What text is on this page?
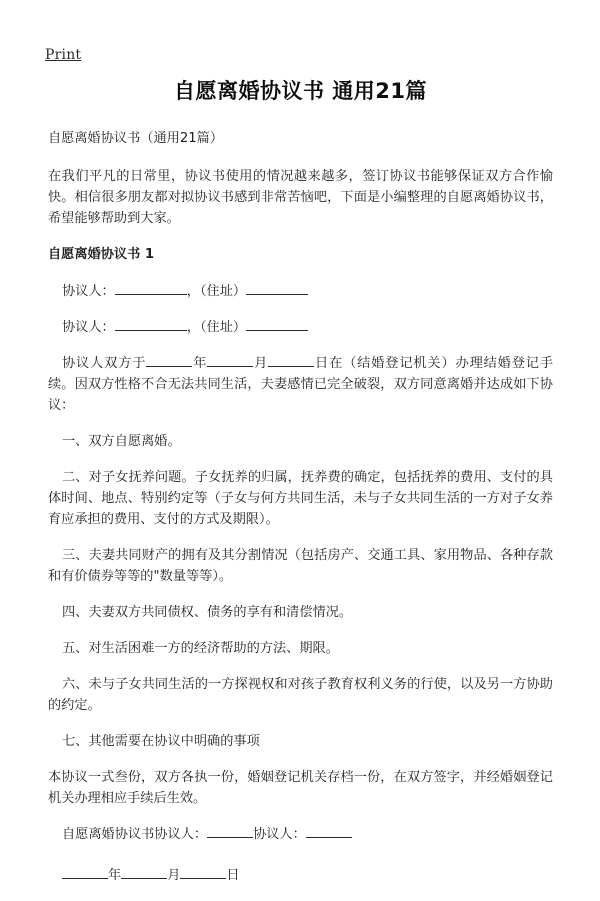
Print
自愿离婚协议书 通用21篇

自愿离婚协议书（通用21篇）

在我们平凡的日常里，协议书使用的情况越来越多，签订协议书能够保证双方合作愉快。相信很多朋友都对拟协议书感到非常苦恼吧，下面是小编整理的自愿离婚协议书，希望能够帮助到大家。

自愿离婚协议书 1

协议人：	，（住址）

协议人：	，（住址）

协议人双方于	年	月	日在（结婚登记机关）办理结婚登记手续。因双方性格不合无法共同生活，夫妻感情已完全破裂，双方同意离婚并达成如下协议：

一、双方自愿离婚。

二、对子女抚养问题。子女抚养的归属，抚养费的确定，包括抚养的费用、支付的具体时间、地点、特别约定等（子女与何方共同生活，未与子女共同生活的一方对子女养育应承担的费用、支付的方式及期限）。

三、夫妻共同财产的拥有及其分割情况（包括房产、交通工具、家用物品、各种存款和有价债券等等的"数量等等）。

四、夫妻双方共同债权、债务的享有和清偿情况。

五、对生活困难一方的经济帮助的方法、期限。

六、未与子女共同生活的一方探视权和对孩子教育权利义务的行使，以及另一方协助的约定。

七、其他需要在协议中明确的事项

本协议一式叁份，双方各执一份，婚姻登记机关存档一份，在双方签字，并经婚姻登记机关办理相应手续后生效。

自愿离婚协议书协议人：	协议人：

年	月	日
